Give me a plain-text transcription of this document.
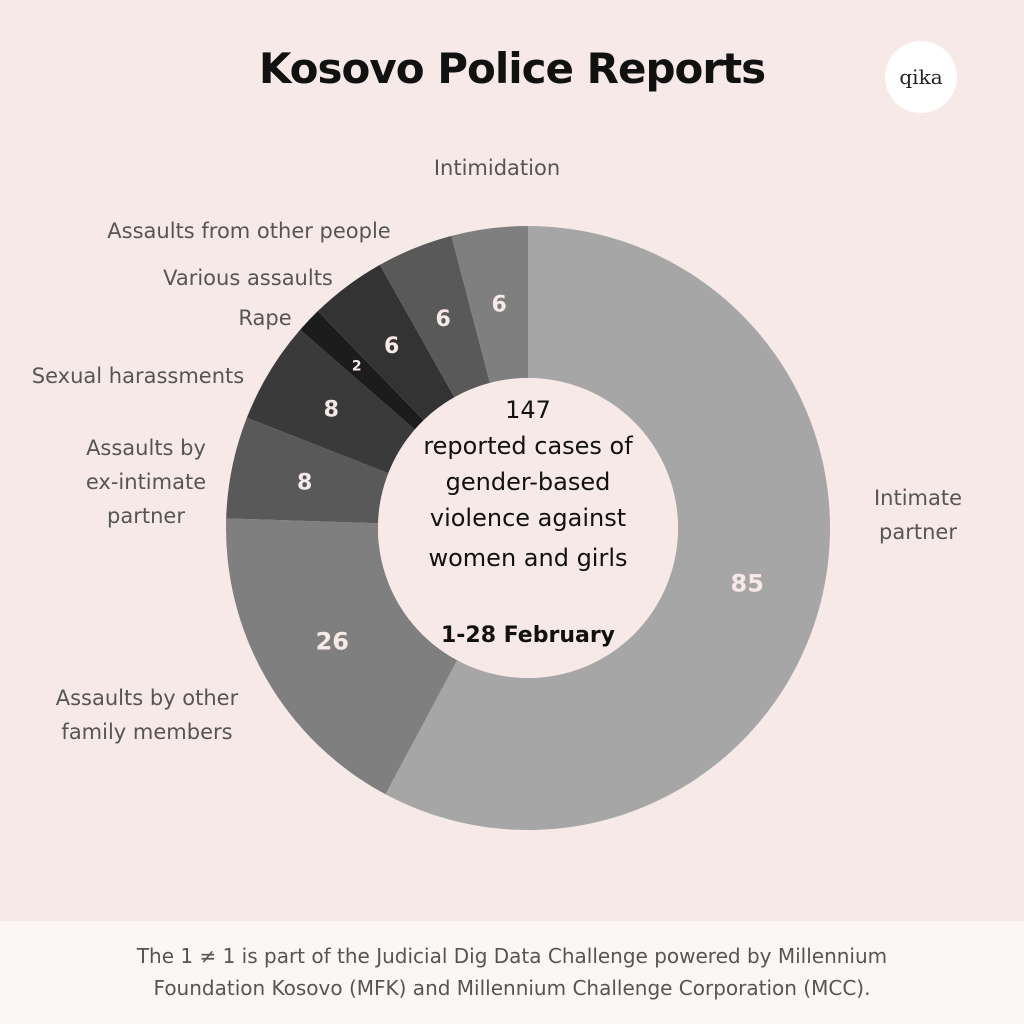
Kosovo Police Reports	qika
85
26
8
8
2
6
6
6
Intimate partner
Assaults by other family members
Assaults by ex-intimate partner
Sexual harassments
Rape
Various assaults
Assaults from other people
Intimidation
147
reported cases of
gender-based
violence against
women and girls
1-28 February
The 1 ≠ 1 is part of the Judicial Dig Data Challenge powered by Millennium
Foundation Kosovo (MFK) and Millennium Challenge Corporation (MCC).
